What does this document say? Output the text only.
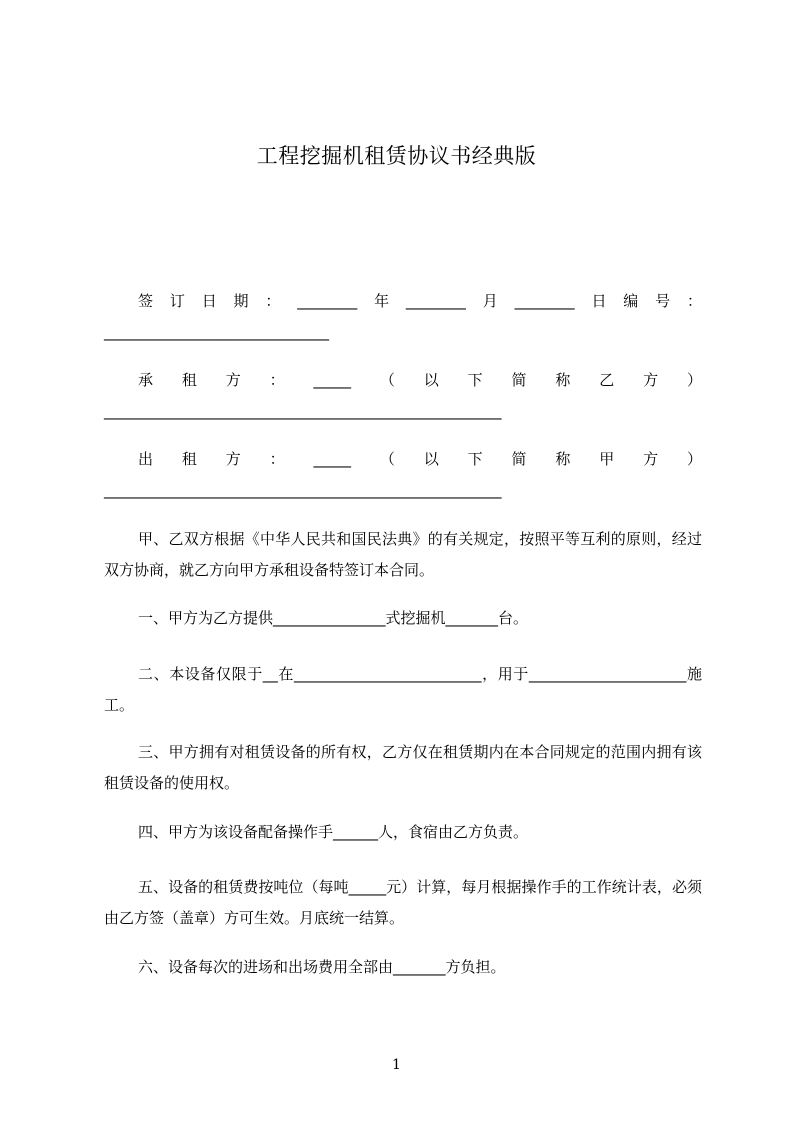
工程挖掘机租赁协议书经典版

签订日期：________年________月________日编号：______________________________

承租方：_____（以下简称乙方）_____________________________________________________

出租方：_____（以下简称甲方）_____________________________________________________

甲、乙双方根据《中华人民共和国民法典》的有关规定，按照平等互利的原则，经过双方协商，就乙方向甲方承租设备特签订本合同。

一、甲方为乙方提供_______________式挖掘机_______台。

二、本设备仅限于__在_________________________，用于_____________________施工。

三、甲方拥有对租赁设备的所有权，乙方仅在租赁期内在本合同规定的范围内拥有该租赁设备的使用权。

四、甲方为该设备配备操作手______人，食宿由乙方负责。

五、设备的租赁费按吨位（每吨_____元）计算，每月根据操作手的工作统计表，必须由乙方签（盖章）方可生效。月底统一结算。

六、设备每次的进场和出场费用全部由_______方负担。

1
